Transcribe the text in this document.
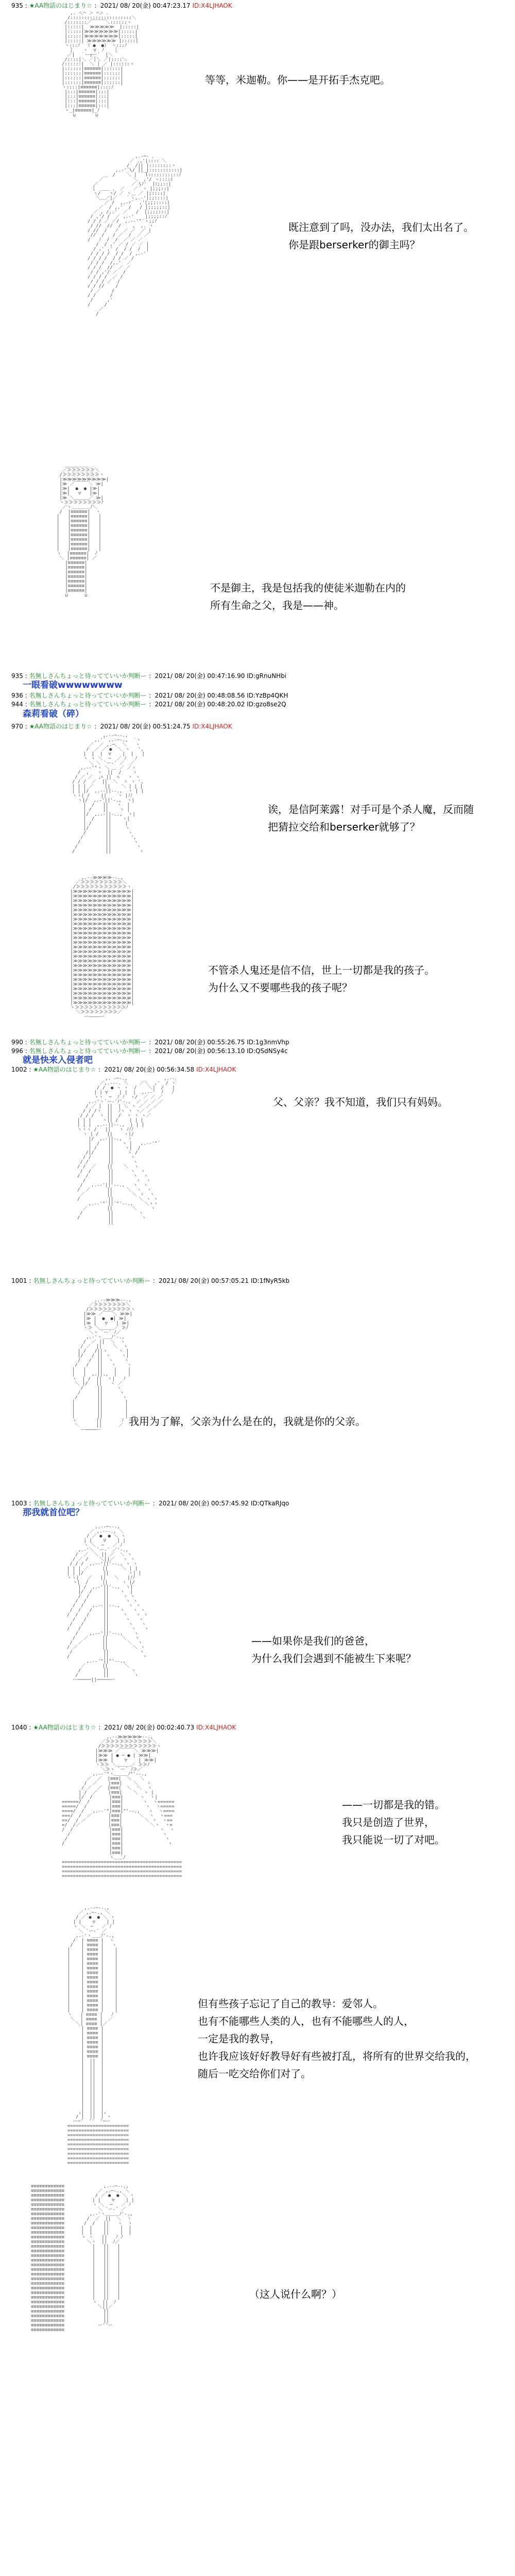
935 : ★AA物語のはじまり☆ ：2021/ 08/ 20(金) 00:47:23.17 ID:X4LJHAOK
,. ＜⌒ ＞ ⌒＞ ､
/::::::::::::::::::::::＼
/:::::::／￣￣￣＼::::::ヽ
|:::::|  ≫≫≫≫≫  |:::::|
|:::::|≫≫≫≫≫≫≫|:::::|
|:::::|≫≫≫≫≫≫≫|:::::|
|:::::| ≫≫≫≫≫≫ |:::::|
ヽ:::ﾉ  （ ●  ●） ヽ:::ﾉ
｝   ヽ  ▽  ﾉ   ｛
／|  ｀ー┬ー´  |＼
/::::|＼ ／│＼ ／|::::＼
/::::::|  ＼ │ ／ |::::::ヽ
|::::::|≡≡≡≡≡≡|::::::|
|::::::|≡≡≡≡≡≡|::::::|
|::::::|≡≡≡≡≡≡|::::::|
|::::::|≡≡≡≡≡≡|::::::|
ヽ::::|≡≡≡≡≡≡|::::ﾉ
|:::|≡≡≡≡≡≡|:::|
|:::|≡≡≡≡≡≡|:::|
|:::|≡≡≡≡≡≡|:::|
|:::|≡≡≡≡≡≡|:::|
ヽ_|≡≡≡≡≡≡|_ﾉ
∪       ∪
等等，米迦勒。你——是开拓手杰克吧。
,.-─- 、
／ .,'|:::: ＼
/  /|| |::::::::ヽ
,.-'´\/ ||_|:::::::::::|
/    ＼ |   l:::::::::::ﾉ
／￣         ＼  ,'/ ヽ::::ｲ
／            ／ \ﾉ'  |ﾐ;;::|
｛  ＿＿ 、 ／   ／｀ヽ |;;;::|
ヽ/   ヽ/ ／ ヽ＿ ／ |;::::|
＼＿／|／   ｀ヽ,.-'|;;::::|
／ /  ,.-ｧ´  ,'|;;;::::|
／  / ,.'  /   / |;;;;;::|
／ , /,.'  ／   /  |;;;;:::|
/ ,'/ /  ／ ,.-'    |;;;;::ﾉ
/ / / ／ ／/  ,.-‐'"´ヽ;;ﾉ
/ //  //  /    ,  ,. ヽ
/ //  /   ﾉ  ／ ／  ／ |
//  /   / ／  /  ／ ／
/   ﾉ  /  /  ／ ／ ／
/  / ,' ／ / ／ ／ |
/ ,' ,' /  / /  /  |
/ / / /  / /  / ,.-'
/ / / /  / / ／ /
/ / /  /,.'  ／
/ / /  //  ／ ／
/ / ,'/ ／  /
/ / / /  ／ /
/ / / ／  /
/ / //    /
/ ／    /
/ /     /
/     ,'
/     /
／
/
既注意到了吗，没办法，我们太出名了。
你是跟berserker的御主吗？
＿＿＿＿＿
／≫≫≫≫≫≫＼
/≫≫≫≫≫≫≫≫ヽ
|≫≫≫≫≫≫≫≫≫|
|≫ ／￣￣￣＼ ≫|
|≫|  ●  ● |≫|
|≫|   ▽   |≫|
|≫ ＼＿＿＿／ ≫|
ヽ≫≫≫≫≫≫≫≫ﾉ
／ヽ＿＿＿＿ﾉ＼
/  |≡≡≡≡≡≡|  ヽ
|   |≡≡≡≡≡≡|   |
|   |≡≡≡≡≡≡|   |
|   |≡≡≡≡≡≡|   |
|   |≡≡≡≡≡≡|   |
|   |≡≡≡≡≡≡|   |
|   |≡≡≡≡≡≡|   |
|   |≡≡≡≡≡≡|   |
|   |≡≡≡≡≡≡|   |
ヽ  |≡≡≡≡≡≡|  ﾉ
＼ |≡≡≡≡≡≡| ／
|≡≡≡≡≡≡|
|≡≡≡≡≡≡|
|≡≡≡≡≡≡|
|≡≡≡≡≡≡|
|≡≡≡≡≡≡|
|≡≡≡≡≡≡|
|≡≡≡≡≡≡|
∪      ∪
不是御主，我是包括我的使徒米迦勒在内的
所有生命之父，我是——神。
935 : 名無しさんちょっと待ってていいか判断ー ：2021/ 08/ 20(金) 00:47:16.90 ID:gRnuNHbi
一眼看破wwwwwwww
936 : 名無しさんちょっと待ってていいか判断ー ：2021/ 08/ 20(金) 00:48:08.56 ID:YzBp4QKH
944 : 名無しさんちょっと待ってていいか判断ー ：2021/ 08/ 20(金) 00:48:20.02 ID:gzo8se2Q
森莉看破（碎）
970 : ★AA物語のはじまり☆ ：2021/ 08/ 20(金) 00:51:24.75 ID:X4LJHAOK
,.-‐─‐-.,
,.'´ ,.-─-.,  `ヽ
／  ／ ,.─、 ＼   ヽ
/  ／ ／ ●  ＼ ヽ   ',
|  |  |  ▽    |  |   |
ヽ ヽ ＼  ─  ／ ﾉ   ﾉ
＼ ＼ `ー‐´ ／  ／
,.-‐'"ヽ ＼ ＿ ／ ／ヽ
/  ,   ヽ  ||  /    ヽ
/ ／ ／  ,ﾍ ||  ﾍ   ヽ ヽ
/ / /  ／  ||  ＼  ヽ ヽ ',
| | | ／    ||    ＼ | | |
| | |/  ,.-‐||‐-.,  ヽ | |
ヽヽ| /    ||    ヽ |ﾉﾉ
ヽ|/  ,.-'||'-.,  ヽ|
|  /   ||   ヽ  |
| /    ||    ヽ |
|/  ,..-||-..,  ヽ|
|  /    ||    ヽ|
| /     ||     |
|/      ||     ヽ
/       ||      ヽ
/        ||       ',
/         ||        ヽ
/          ||         ヽ
/           ||          ヽ
诶，是信阿莱露！对手可是个杀人魔，反而随
把猜拉交给和berserker就够了？
,.-‐≫≫≫≫‐-.,
／≫≫≫≫≫≫≫≫≫＼
/≫≫≫≫≫≫≫≫≫≫≫ヽ
|≫≫≫≫≫≫≫≫≫≫≫≫|
|≫≫≫≫≫≫≫≫≫≫≫≫|
|≫≫≫≫≫≫≫≫≫≫≫≫|
|≫≫≫≫≫≫≫≫≫≫≫≫|
|≫≫≫≫≫≫≫≫≫≫≫≫|
|≫≫≫≫≫≫≫≫≫≫≫≫|
|≫≫≫≫≫≫≫≫≫≫≫≫|
|≫≫≫≫≫≫≫≫≫≫≫≫|
|≫≫≫≫≫≫≫≫≫≫≫≫|
|≫≫≫≫≫≫≫≫≫≫≫≫|
|≫≫≫≫≫≫≫≫≫≫≫≫|
|≫≫≫≫≫≫≫≫≫≫≫≫|
|≫≫≫≫≫≫≫≫≫≫≫≫|
|≫≫≫≫≫≫≫≫≫≫≫≫|
|≫≫≫≫≫≫≫≫≫≫≫≫|
|≫≫≫≫≫≫≫≫≫≫≫≫|
|≫≫≫≫≫≫≫≫≫≫≫≫|
|≫≫≫≫≫≫≫≫≫≫≫≫|
|≫≫≫≫≫≫≫≫≫≫≫≫|
|≫≫≫≫≫≫≫≫≫≫≫≫|
|≫≫≫≫≫≫≫≫≫≫≫≫|
|≫≫≫≫≫≫≫≫≫≫≫≫|
|≫≫≫≫≫≫≫≫≫≫≫≫|
|≫≫≫≫≫≫≫≫≫≫≫≫|
|≫≫≫≫≫≫≫≫≫≫≫≫|
ヽ≫≫≫≫≫≫≫≫≫≫≫ﾉ
＼≫≫≫≫≫≫≫≫／
ー――――ー
不管杀人鬼还是信不信，世上一切都是我的孩子。
为什么又不要哪些我的孩子呢？
990 : 名無しさんちょっと待ってていいか判断ー ：2021/ 08/ 20(金) 00:55:26.75 ID:1g3nmVhp
996 : 名無しさんちょっと待ってていいか判断ー ：2021/ 08/ 20(金) 00:56:13.10 ID:QSdNSy4c
就是快来入侵者吧
1002 : ★AA物語のはじまり☆ ：2021/ 08/ 20(金) 00:56:34.58 ID:X4LJHAOK
,. -─-.,             ,.--､
／,.-‐-. ＼    ／＼  ,'  / ヽ
/ /  ● ヽ ヽ  /    ＼|  /   |
| | ▽    | |  |  ,.-‐'  ﾉ   ﾉ
ヽヽ  ─  ﾉ ﾉ  ヽ/  ／ ／ ／
,.-'ヽ`ー‐´ﾉ'-.,  ／ ／ ／ ／
/ ／ |  ||  | ＼ ヽ ／ ／ ／
/ / /ヽ  ||  ﾉヽ ヽ ヽ／ ／
/ / /  ヽ ||  /  ヽ ヽ ヽ／
| | |    ヽ|| /    | | |
| | |  ,.-‐||‐-.,  | | |
ヽヽヽ /   ||   ヽ ﾉﾉﾉ
ヽ | /   ||    ヽ|/
|/  ,.-||-.,  ヽ
|  /   ||   ヽ |   ,.-‐'"´
| /    ||    ヽ|  /
/|/     ||     ヽ /
/ /      ||      ヽ
/ /       ||       ヽ
/ /  ／    ||    ＼  ヽ
/  /      ||      ヽ  ヽ
/  /       ||       ヽ  ヽ
/        ||        ヽ  ヽ
/   ,.-‐'||'‐-.,   ヽ  ヽ
/  ／      ||     ＼  ヽ  ヽ
／        ||       ＼ ヽ  ヽ
/          ||         ＼ ヽ ヽ
,.-‐'"´||`"'‐-.,    ＼ヽヽ
／       ||       ＼     ヽ
/         ||         ヽ
/          ||          ヽ
||
父、父亲？我不知道，我们只有妈妈。
1001 : 名無しさんちょっと待ってていいか判断ー ：2021/ 08/ 20(金) 00:57:05.21 ID:1fNyR5kb
,.-‐≫≫≫‐-.,
／≫≫≫≫≫≫≫＼
/≫≫≫≫≫≫≫≫≫ヽ
|≫≫ ／￣￣＼ ≫≫|
|≫ |  ●  ●| ≫|
|≫ |   ▽   | ≫|
ヽ≫ ＼＿＿＿／ ≫ﾉ
＼ヽ `ー´ ﾉ／
,.-'ヽ＿＿ﾉ'-.,
/  ／ ||  ＼  ヽ
/ ／  ||    ＼  ヽ
| /   /||ヽ    ヽ |
|/   / || ヽ    ヽ|
/   /  ||  ヽ    ヽ
/   /   ||   ヽ    ヽ
|   |    ||    |    |
|   |  ,.||.,  |    |
ヽ  | /  ||  ヽ|   ﾉ
＼ |/   ||   ヽ ／
/     ||     ヽ
/      ||      ヽ
/       ||       ヽ
|        ||        |
|        ||        |
|        ||        |
|        ||        |
ヽ       ||       ﾉ
＼      ||      ／
ー────ー
我用为了解，父亲为什么是在的，我就是你的父亲。
1003 : 名無しさんちょっと待ってていいか判断ー ：2021/ 08/ 20(金) 00:57:45.92 ID:QTkaRJqo
那我就首位吧？
,.-‐─‐-.,
／ ,.-‐-., ＼
/ ／ ●  ● ＼ ヽ
| |    ▽    | |
ヽ ＼  ─   ／ ﾉ
,.-'＼ `ー‐´ ／'-.,
/  ／  ＼ || ／  ＼ ヽ
/ ／ /    ＼||／   ヽ ヽ
/ / /  ,.-‐'||'‐-., ヽ ヽ
| | | ／     ||     ＼ | |
| | |/       ||       ヽ| |
ヽヽ|   ／   ||   ＼   |ﾉﾉ
ヽ|  /     ||     ヽ |/
| /  ,.-'||'-.,  ヽ|
|/  /    ||    ヽ  |
/  /     ||     ヽ ヽ
/  /      ||      ヽ ヽ
/  /   ,.-‐||‐-.,   ヽ ヽ
/  /   /    ||    ヽ   ヽ ヽ
/  /   /     ||     ヽ   ヽ ヽ
/   /      ||      ヽ   ヽ
/   /       ||       ヽ   ヽ
/   /        ||        ヽ   ヽ
/    ,.-‐'||'‐-.,    ヽ
/   ／     ||     ＼   ヽ
/  ／       ||       ＼  ヽ
/ ／         ||         ＼ ヽ
/           ||           ヽ
/            ||            ヽ
,.-‐'"||"'‐-.,
／      ||      ＼
/        ||        ヽ
/         ||         ヽ
ー─────||─────ー
——如果你是我们的爸爸，
为什么我们会遇到不能被生下来呢？
1040 : ★AA物語のはじまり☆ ：2021/ 08/ 20(金) 00:02:40.73 ID:X4LJHAOK
,.-‐≫≫≫≫≫‐-.,
／≫≫≫≫≫≫≫≫≫≫＼
/≫≫≫≫≫≫≫≫≫≫≫≫ヽ
|≫≫≫ ／￣￣￣＼ ≫≫≫|
|≫≫ | ● ─ ● | ≫≫|
|≫≫ |    ▽    | ≫≫|
ヽ≫≫ ＼＿＿＿／ ≫≫ﾉ
＼≫ヽ `ー´ ﾉ≫／
,.-‐'"ヽ＿＿＿ﾉ"'‐-.,
／  ／  |≡≡≡|  ＼   ＼
/  ／    |≡≡≡|    ＼   ヽ
/ ／  ／  |≡≡≡|  ＼  ＼  ヽ
| /  ／    |≡≡≡|    ＼  ヽ |
|/  /      |≡≡≡|      ヽ  ヽ|
======/  /       |≡≡≡|       ヽ  ヽ======
=====/  /        |≡≡≡|        ヽ  ヽ=====
====/  /   ,.-‐'"|≡≡≡|"'‐-.,   ヽ  ヽ====
===/  /  ／      |≡≡≡|      ＼  ヽ  ヽ===
==/  / ／        |≡≡≡|        ＼ ヽ  ヽ==
=/  /／          |≡≡≡|          ＼ヽ  ヽ=
/  /             |≡≡≡|             ヽ  ヽ
/              |≡≡≡|              ヽ
/               |≡≡≡|               ヽ
/                |≡≡≡|                ヽ
|≡≡≡|
|≡≡≡|
ヽ＿＿ﾉ
===========================================
===========================================
===========================================
===========================================
——一切都是我的错。
我只是创造了世界，
我只能说一切了对吧。
,.-‐─‐-.,
／ ,.─-., ＼
/ ／ ●  ● ＼ ヽ
| |    ▽    | |
ヽ ＼  ─   ／ ﾉ
＼ `ー‐´ ／
,.-'ヽ＿＿ﾉ'-.,
/  | ≡≡≡≡ |  ヽ
/   | ≡≡≡≡ |   ヽ
|    | ≡≡≡≡ |    |
|    | ≡≡≡≡ |    |
|    | ≡≡≡≡ |    |
|    | ≡≡≡≡ |    |
|    | ≡≡≡≡ |    |
|    | ≡≡≡≡ |    |
|    | ≡≡≡≡ |    |
|    | ≡≡≡≡ |    |
|    | ≡≡≡≡ |    |
|    | ≡≡≡≡ |    |
|    | ≡≡≡≡ |    |
|    | ≡≡≡≡ |    |
|    | ≡≡≡≡ |    |
|    | ≡≡≡≡ |    |
ヽ   | ≡≡≡≡ |   ﾉ
＼  | ≡≡≡≡ |  ／
＼| ≡≡≡≡ |／
| ≡≡≡≡ |
| ≡≡≡≡ |
| ≡≡≡≡ |
| ≡≡≡≡ |
| ≡≡≡≡ |
| ≡≡≡≡ |
| ≡≡≡≡ |
|  ||  |
|  ||  |
|  ||  |
|  ||  |
|  ||  |
|  ||  |
|  ||  |
|  ||  |
|  ||  |
|  ||  |
|  ||  |
,|  ||  |,
/ |  ||  | ヽ
ー─'  ''  '─ー
======================
======================
======================
======================
======================
======================
======================
======================
======================
但有些孩子忘记了自己的教导：爱邻人。
也有不能哪些人类的人，也有不能哪些人的人，
一定是我的教导，
也许我应该好好教导好有些被打乱，将所有的世界交给我的，
随后一吃交给你们对了。
≡≡≡≡≡≡≡≡≡≡≡≡              ,.-‐─‐-.,
≡≡≡≡≡≡≡≡≡≡≡≡            ／ ,.─-., ＼
≡≡≡≡≡≡≡≡≡≡≡≡           / ／ ●  ● ＼ ヽ
≡≡≡≡≡≡≡≡≡≡≡≡          | |    ▽    | |
≡≡≡≡≡≡≡≡≡≡≡≡          ヽ ＼  ─   ／ ﾉ
≡≡≡≡≡≡≡≡≡≡≡≡            ＼ `ー‐´ ／
≡≡≡≡≡≡≡≡≡≡≡≡         ,.-'ヽ＿＿＿ﾉ'-.,
≡≡≡≡≡≡≡≡≡≡≡≡        /  ／  ||  ＼  ヽ
≡≡≡≡≡≡≡≡≡≡≡≡       /  /   ||   ヽ  ヽ
≡≡≡≡≡≡≡≡≡≡≡≡      |  |    ||    |  |
≡≡≡≡≡≡≡≡≡≡≡≡      |  |    ||    |  |
≡≡≡≡≡≡≡≡≡≡≡≡      ヽ ヽ   ||   ﾉ ﾉ
≡≡≡≡≡≡≡≡≡≡≡≡        ＼ヽ  ||  ﾉ／
≡≡≡≡≡≡≡≡≡≡≡≡          |   ||   |
≡≡≡≡≡≡≡≡≡≡≡≡          |   ||   |
≡≡≡≡≡≡≡≡≡≡≡≡          |   ||   |
≡≡≡≡≡≡≡≡≡≡≡≡          |   ||   |
≡≡≡≡≡≡≡≡≡≡≡≡          |   ||   |
≡≡≡≡≡≡≡≡≡≡≡≡          |   ||   |
≡≡≡≡≡≡≡≡≡≡≡≡          |   ||   |
≡≡≡≡≡≡≡≡≡≡≡≡          |   ||   |
≡≡≡≡≡≡≡≡≡≡≡≡          |   ||   |
≡≡≡≡≡≡≡≡≡≡≡≡          |   ||   |
≡≡≡≡≡≡≡≡≡≡≡≡          |   ||   |
≡≡≡≡≡≡≡≡≡≡≡≡          |   ||   |
≡≡≡≡≡≡≡≡≡≡≡≡          ヽ  ||  ﾉ
≡≡≡≡≡≡≡≡≡≡≡≡            ＼||／
≡≡≡≡≡≡≡≡≡≡≡≡              ||
≡≡≡≡≡≡≡≡≡≡≡≡              ||
≡≡≡≡≡≡≡≡≡≡≡≡              ||
≡≡≡≡≡≡≡≡≡≡≡≡            ー''ー
≡≡≡≡≡≡≡≡≡≡≡≡
（这人说什么啊？）
